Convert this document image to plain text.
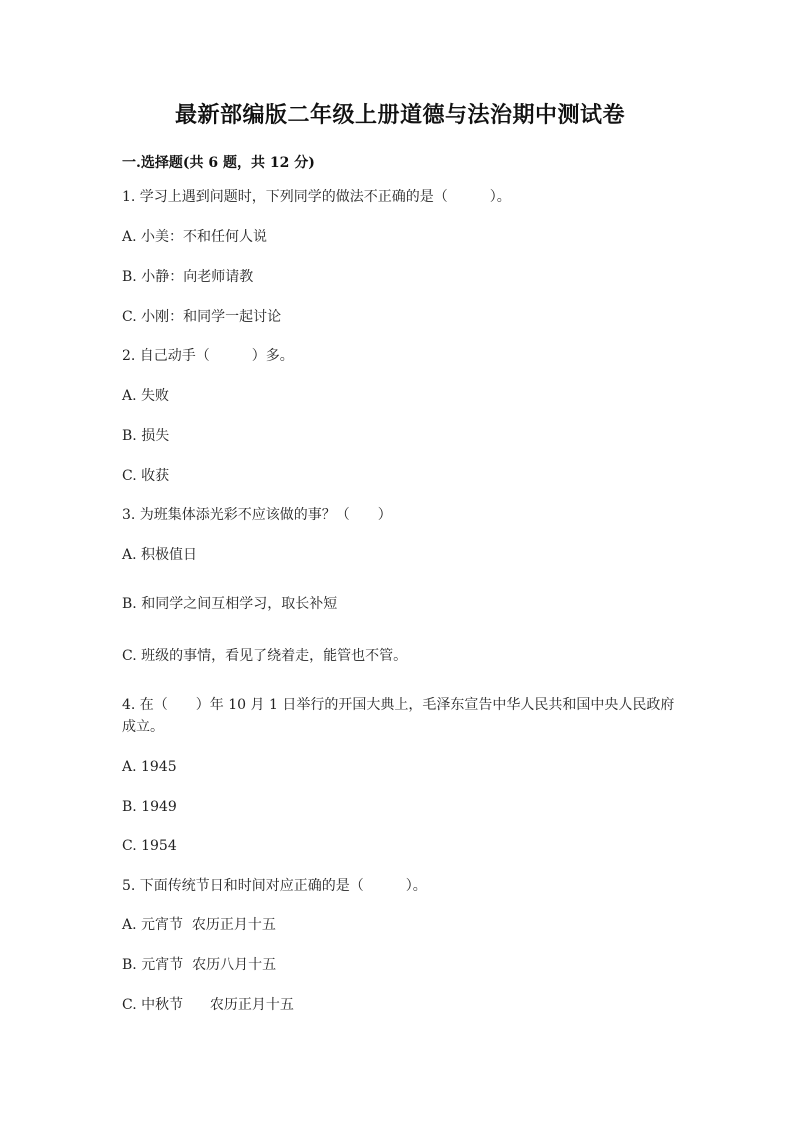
最新部编版二年级上册道德与法治期中测试卷
一.选择题(共 6 题，共 12 分)
1. 学习上遇到问题时，下列同学的做法不正确的是（　　　）。
A. 小美：不和任何人说
B. 小静：向老师请教
C. 小刚：和同学一起讨论
2. 自己动手（　　　）多。
A. 失败
B. 损失
C. 收获
3. 为班集体添光彩不应该做的事？（　　）
A. 积极值日
B. 和同学之间互相学习，取长补短
C. 班级的事情，看见了绕着走，能管也不管。
4. 在（　　）年 10 月 1 日举行的开国大典上，毛泽东宣告中华人民共和国中央人民政府成立。
A. 1945
B. 1949
C. 1954
5. 下面传统节日和时间对应正确的是（　　　）。
A. 元宵节  农历正月十五
B. 元宵节  农历八月十五
C. 中秋节      农历正月十五
